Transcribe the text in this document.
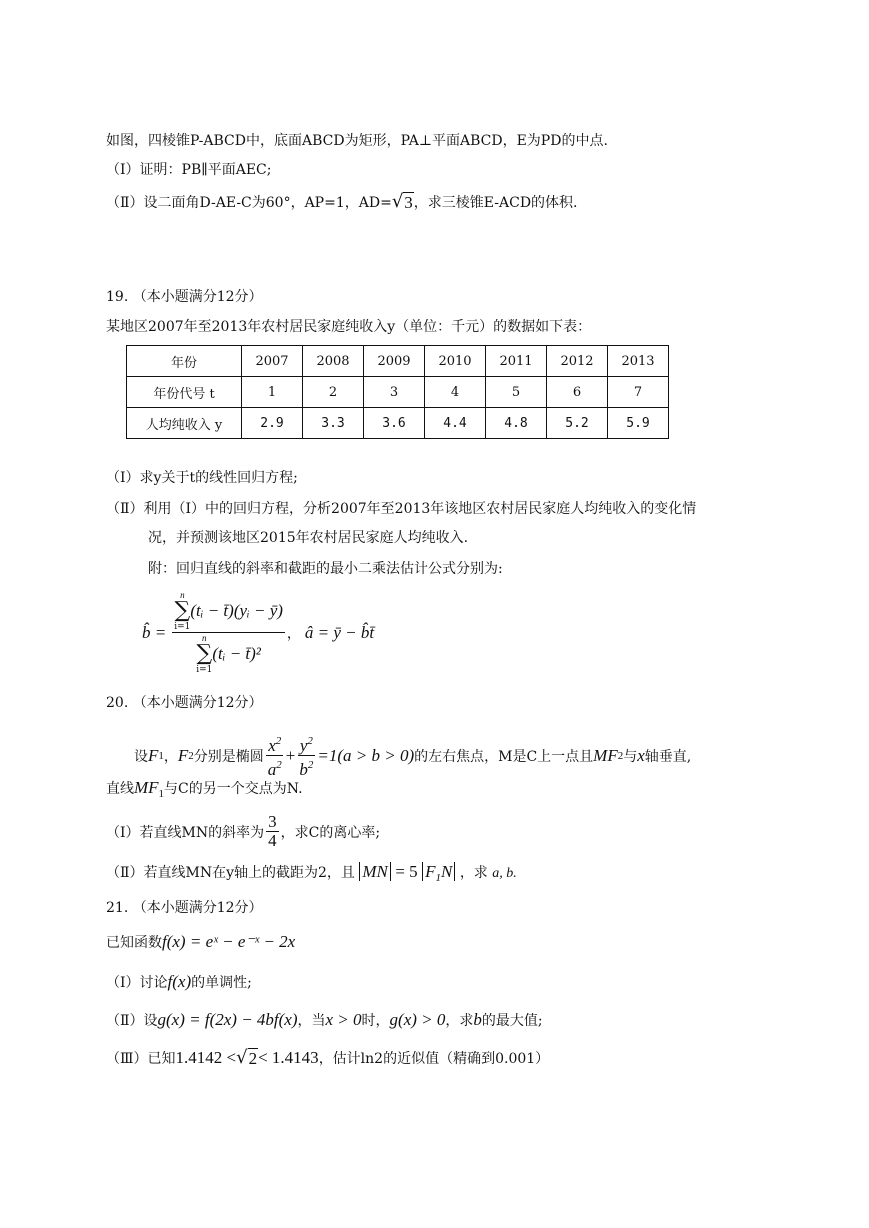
如图，四棱锥P-ABCD中，底面ABCD为矩形，PA⊥平面ABCD，E为PD的中点.
（Ⅰ）证明：PB∥平面AEC;
（Ⅱ）设二面角D-AE-C为60°，AP=1，AD= √ 3 ，求三棱锥E-ACD的体积.
19. （本小题满分12分）
某地区2007年至2013年农村居民家庭纯收入y（单位：千元）的数据如下表：
年份	2007	2008	2009	2010	2011	2012	2013
年份代号 t	1	2	3	4	5	6	7
人均纯收入 y	2.9	3.3	3.6	4.4	4.8	5.2	5.9
（Ⅰ）求y关于t的线性回归方程;
（Ⅱ）利用（Ⅰ）中的回归方程，分析2007年至2013年该地区农村居民家庭人均纯收入的变化情
况，并预测该地区2015年农村居民家庭人均纯收入.
附：回归直线的斜率和截距的最小二乘法估计公式分别为:
b̂ = n
∑
i=1
(tᵢ − t̄)(yᵢ − ȳ)
n
∑
i=1
(tᵢ − t̄)² ， â = ȳ − b̂t̄
20. （本小题满分12分）
设 F 1 ， F 2 分别是椭圆 $\frac{x^2}{a^2} + \frac{y^2}{b^2} =1(a > b > 0)$ 的左右焦点，M是C上一点且 MF 2 与 x 轴垂直,
直线$MF_1$与C的另一个交点为N.
（Ⅰ）若直线MN的斜率为 $\frac{3}{4}$ ，求C的离心率;
（Ⅱ）若直线MN在y轴上的截距为2，且 MN = 5 $F_1N$ ，求 a, b.
21. （本小题满分12分）
已知函数f(x) = eˣ − e⁻ˣ − 2x
（Ⅰ）讨论f(x)的单调性;
（Ⅱ）设g(x) = f(2x) − 4bf(x)，当x > 0时，g(x) > 0，求b的最大值;
（Ⅲ）已知1.4142 < √ 2 < 1.4143，估计ln2的近似值（精确到0.001）
